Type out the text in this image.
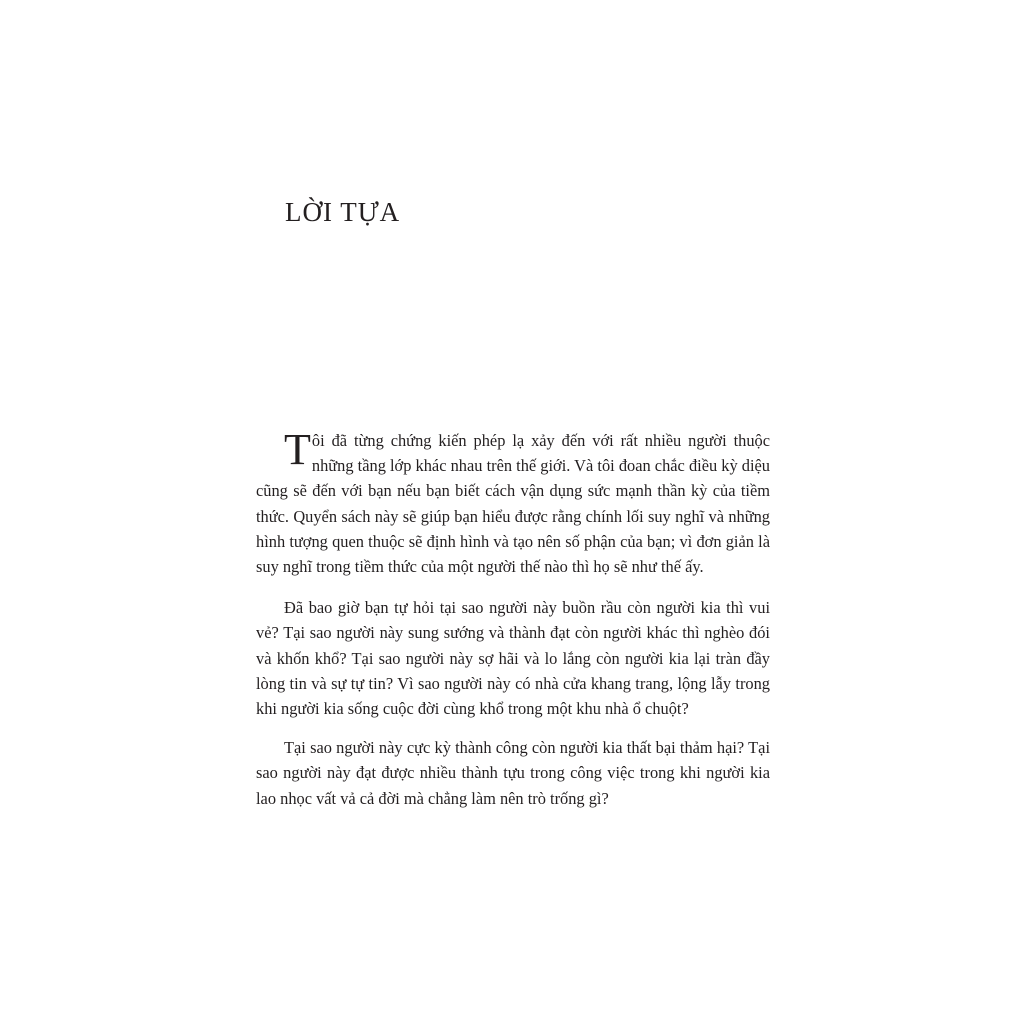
LỜI TỰA

Tôi đã từng chứng kiến phép lạ xảy đến với rất nhiều người thuộc những tầng lớp khác nhau trên thế giới. Và tôi đoan chắc điều kỳ diệu cũng sẽ đến với bạn nếu bạn biết cách vận dụng sức mạnh thần kỳ của tiềm thức. Quyển sách này sẽ giúp bạn hiểu được rằng chính lối suy nghĩ và những hình tượng quen thuộc sẽ định hình và tạo nên số phận của bạn; vì đơn giản là suy nghĩ trong tiềm thức của một người thế nào thì họ sẽ như thế ấy.

Đã bao giờ bạn tự hỏi tại sao người này buồn rầu còn người kia thì vui vẻ? Tại sao người này sung sướng và thành đạt còn người khác thì nghèo đói và khốn khổ? Tại sao người này sợ hãi và lo lắng còn người kia lại tràn đầy lòng tin và sự tự tin? Vì sao người này có nhà cửa khang trang, lộng lẫy trong khi người kia sống cuộc đời cùng khổ trong một khu nhà ổ chuột?

Tại sao người này cực kỳ thành công còn người kia thất bại thảm hại? Tại sao người này đạt được nhiều thành tựu trong công việc trong khi người kia lao nhọc vất vả cả đời mà chẳng làm nên trò trống gì?
